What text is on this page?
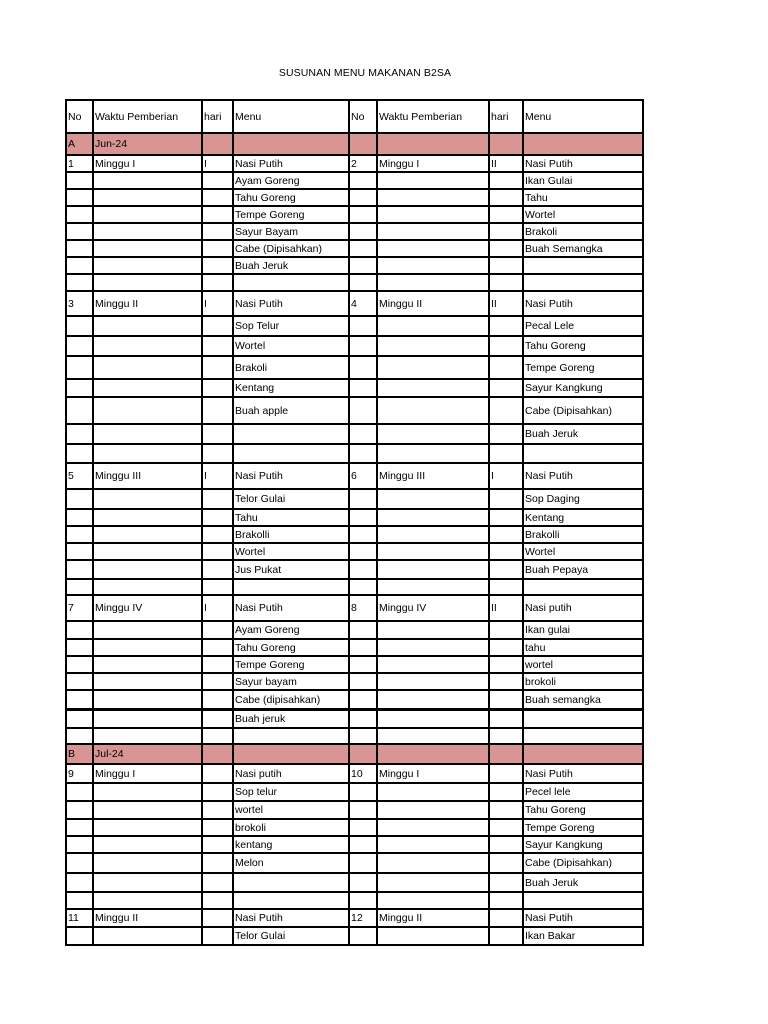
SUSUNAN MENU MAKANAN B2SA
No	Waktu Pemberian	hari	Menu	No	Waktu Pemberian	hari	Menu
A	Jun-24						
1	Minggu I	I	Nasi Putih	2	Minggu I	II	Nasi Putih
			Ayam Goreng				Ikan Gulai
			Tahu Goreng				Tahu
			Tempe Goreng				Wortel
			Sayur Bayam				Brakoli
			Cabe (Dipisahkan)				Buah Semangka
			Buah Jeruk				

3	Minggu II	I	Nasi Putih	4	Minggu II	II	Nasi Putih
			Sop Telur				Pecal Lele
			Wortel				Tahu Goreng
			Brakoli				Tempe Goreng
			Kentang				Sayur Kangkung
			Buah apple				Cabe (Dipisahkan)
							Buah Jeruk

5	Minggu III	I	Nasi Putih	6	Minggu III	I	Nasi Putih
			Telor Gulai				Sop Daging
			Tahu				Kentang
			Brakolli				Brakolli
			Wortel				Wortel
			Jus Pukat				Buah Pepaya

7	Minggu IV	I	Nasi Putih	8	Minggu IV	II	Nasi putih
			Ayam Goreng				Ikan gulai
			Tahu Goreng				tahu
			Tempe Goreng				wortel
			Sayur bayam				brokoli
			Cabe (dipisahkan)				Buah semangka
			Buah jeruk				

B	Jul-24						
9	Minggu I		Nasi putih	10	Minggu I		Nasi Putih
			Sop telur				Pecel lele
			wortel				Tahu Goreng
			brokoli				Tempe Goreng
			kentang				Sayur Kangkung
			Melon				Cabe (Dipisahkan)
							Buah Jeruk

11	Minggu II		Nasi Putih	12	Minggu II		Nasi Putih
			Telor Gulai				Ikan Bakar
